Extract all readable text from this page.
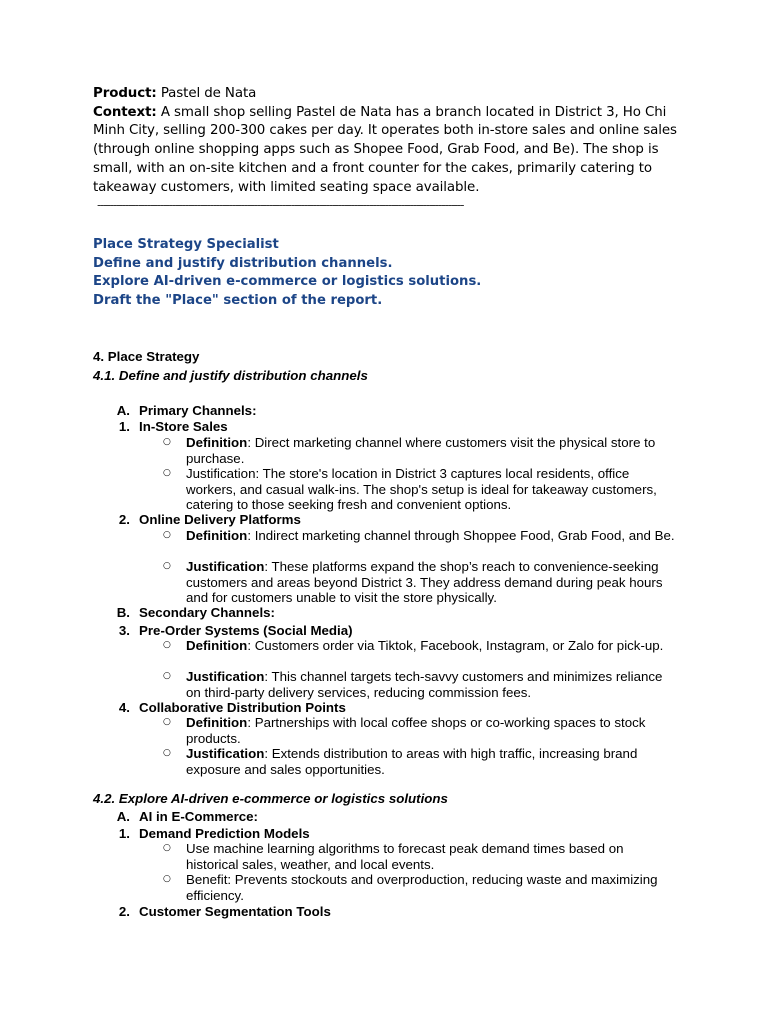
Product: Pastel de Nata
Context: A small shop selling Pastel de Nata has a branch located in District 3, Ho Chi Minh City, selling 200-300 cakes per day. It operates both in-store sales and online sales (through online shopping apps such as Shopee Food, Grab Food, and Be). The shop is small, with an on-site kitchen and a front counter for the cakes, primarily catering to takeaway customers, with limited seating space available.
---------------------------------------------------------------------------------------------------------------------
Place Strategy Specialist
Define and justify distribution channels.
Explore AI-driven e-commerce or logistics solutions.
Draft the "Place" section of the report.
4. Place Strategy
4.1. Define and justify distribution channels
A. Primary Channels:
1. In-Store Sales
○ Definition: Direct marketing channel where customers visit the physical store to purchase.
○ Justification: The store's location in District 3 captures local residents, office workers, and casual walk-ins. The shop's setup is ideal for takeaway customers, catering to those seeking fresh and convenient options.
2. Online Delivery Platforms
○ Definition: Indirect marketing channel through Shoppee Food, Grab Food, and Be.
○ Justification: These platforms expand the shop’s reach to convenience-seeking customers and areas beyond District 3. They address demand during peak hours and for customers unable to visit the store physically.
B. Secondary Channels:
3. Pre-Order Systems (Social Media)
○ Definition: Customers order via Tiktok, Facebook, Instagram, or Zalo for pick-up.
○ Justification: This channel targets tech-savvy customers and minimizes reliance on third-party delivery services, reducing commission fees.
4. Collaborative Distribution Points
○ Definition: Partnerships with local coffee shops or co-working spaces to stock products.
○ Justification: Extends distribution to areas with high traffic, increasing brand exposure and sales opportunities.
4.2. Explore AI-driven e-commerce or logistics solutions
A. AI in E-Commerce:
1. Demand Prediction Models
○ Use machine learning algorithms to forecast peak demand times based on historical sales, weather, and local events.
○ Benefit: Prevents stockouts and overproduction, reducing waste and maximizing efficiency.
2. Customer Segmentation Tools
